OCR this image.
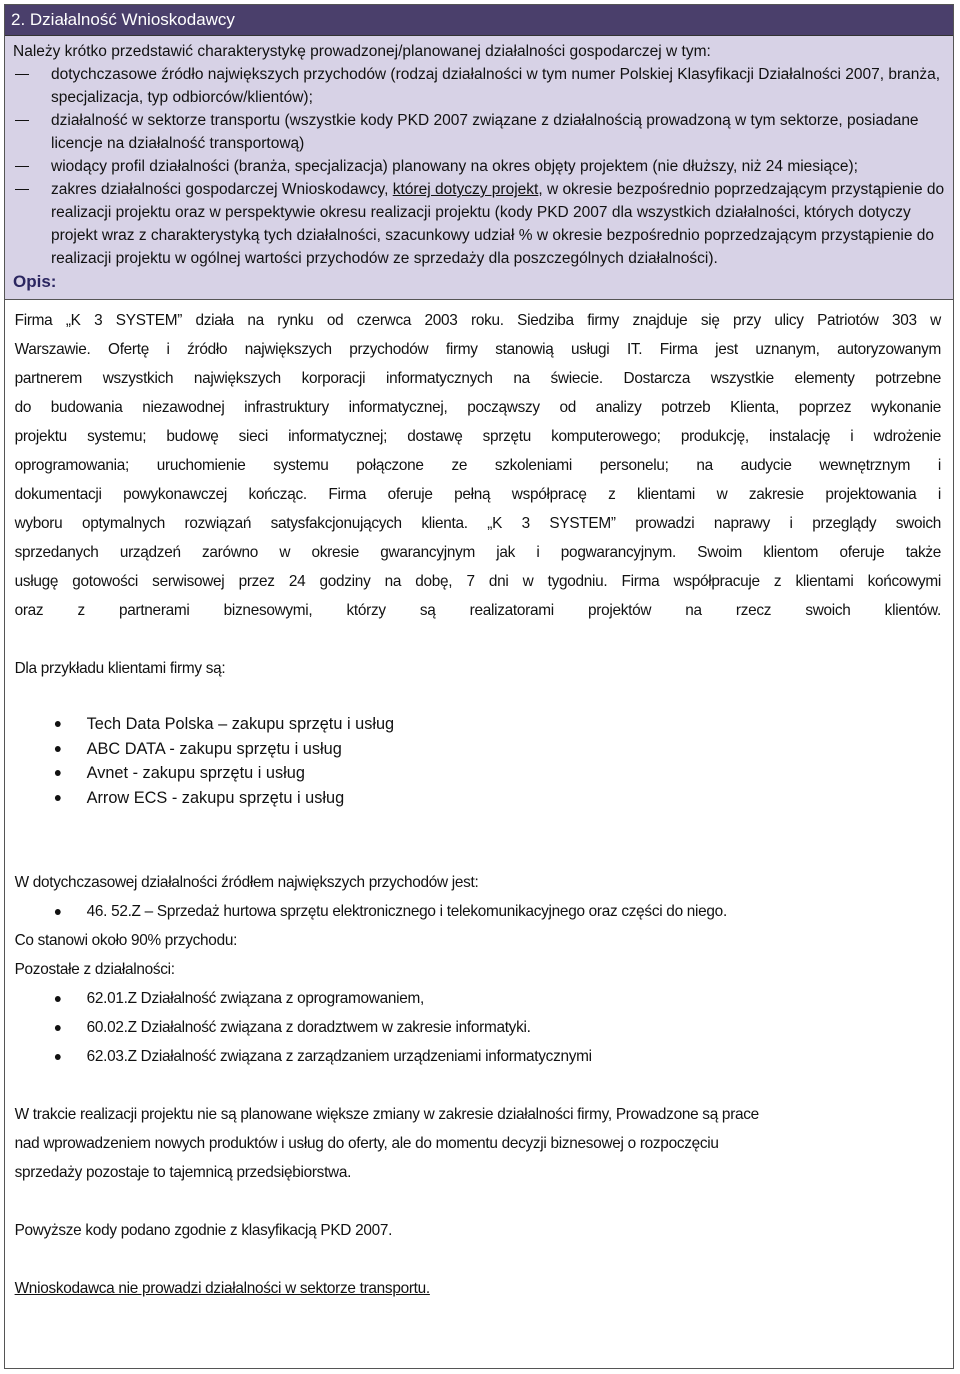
2. Działalność Wnioskodawcy

Należy krótko przedstawić charakterystykę prowadzonej/planowanej działalności gospodarczej w tym:

dotychczasowe źródło największych przychodów (rodzaj działalności w tym numer Polskiej Klasyfikacji Działalności 2007, branża, specjalizacja, typ odbiorców/klientów);
działalność w sektorze transportu (wszystkie kody PKD 2007 związane z działalnością prowadzoną w tym sektorze, posiadane licencje na działalność transportową)
wiodący profil działalności (branża, specjalizacja) planowany na okres objęty projektem (nie dłuższy, niż 24 miesiące);
zakres działalności gospodarczej Wnioskodawcy, której dotyczy projekt, w okresie bezpośrednio poprzedzającym przystąpienie do realizacji projektu oraz w perspektywie okresu realizacji projektu (kody PKD 2007 dla wszystkich działalności, których dotyczy projekt wraz z charakterystyką tych działalności, szacunkowy udział % w okresie bezpośrednio poprzedzającym przystąpienie do realizacji projektu w ogólnej wartości przychodów ze sprzedaży dla poszczególnych działalności).
Opis:

Firma „K 3 SYSTEM” działa na rynku od czerwca 2003 roku. Siedziba firmy znajduje się przy ulicy Patriotów 303 w

Warszawie. Ofertę i źródło największych przychodów firmy stanowią usługi IT. Firma jest uznanym, autoryzowanym

partnerem wszystkich największych korporacji informatycznych na świecie. Dostarcza wszystkie elementy potrzebne

do budowania niezawodnej infrastruktury informatycznej, począwszy od analizy potrzeb Klienta, poprzez wykonanie

projektu systemu; budowę sieci informatycznej; dostawę sprzętu komputerowego; produkcję, instalację i wdrożenie

oprogramowania; uruchomienie systemu połączone ze szkoleniami personelu; na audycie wewnętrznym i

dokumentacji powykonawczej kończąc. Firma oferuje pełną współpracę z klientami w zakresie projektowania i

wyboru optymalnych rozwiązań satysfakcjonujących klienta. „K 3 SYSTEM” prowadzi naprawy i przeglądy swoich

sprzedanych urządzeń zarówno w okresie gwarancyjnym jak i pogwarancyjnym. Swoim klientom oferuje także

usługę gotowości serwisowej przez 24 godziny na dobę, 7 dni w tygodniu. Firma współpracuje z klientami końcowymi

oraz z partnerami biznesowymi, którzy są realizatorami projektów na rzecz swoich klientów.

Dla przykładu klientami firmy są:

Tech Data Polska – zakupu sprzętu i usług
ABC DATA - zakupu sprzętu i usług
Avnet - zakupu sprzętu i usług
Arrow ECS - zakupu sprzętu i usług

W dotychczasowej działalności źródłem największych przychodów jest:

46. 52.Z – Sprzedaż hurtowa sprzętu elektronicznego i telekomunikacyjnego oraz części do niego.

Co stanowi około 90% przychodu:

Pozostałe z działalności:

62.01.Z Działalność związana z oprogramowaniem,
60.02.Z Działalność związana z doradztwem w zakresie informatyki.
62.03.Z Działalność związana z zarządzaniem urządzeniami informatycznymi

W trakcie realizacji projektu nie są planowane większe zmiany w zakresie działalności firmy, Prowadzone są prace

nad wprowadzeniem nowych produktów i usług do oferty, ale do momentu decyzji biznesowej o rozpoczęciu

sprzedaży pozostaje to tajemnicą przedsiębiorstwa.

Powyższe kody podano zgodnie z klasyfikacją PKD 2007.

Wnioskodawca nie prowadzi działalności w sektorze transportu.
